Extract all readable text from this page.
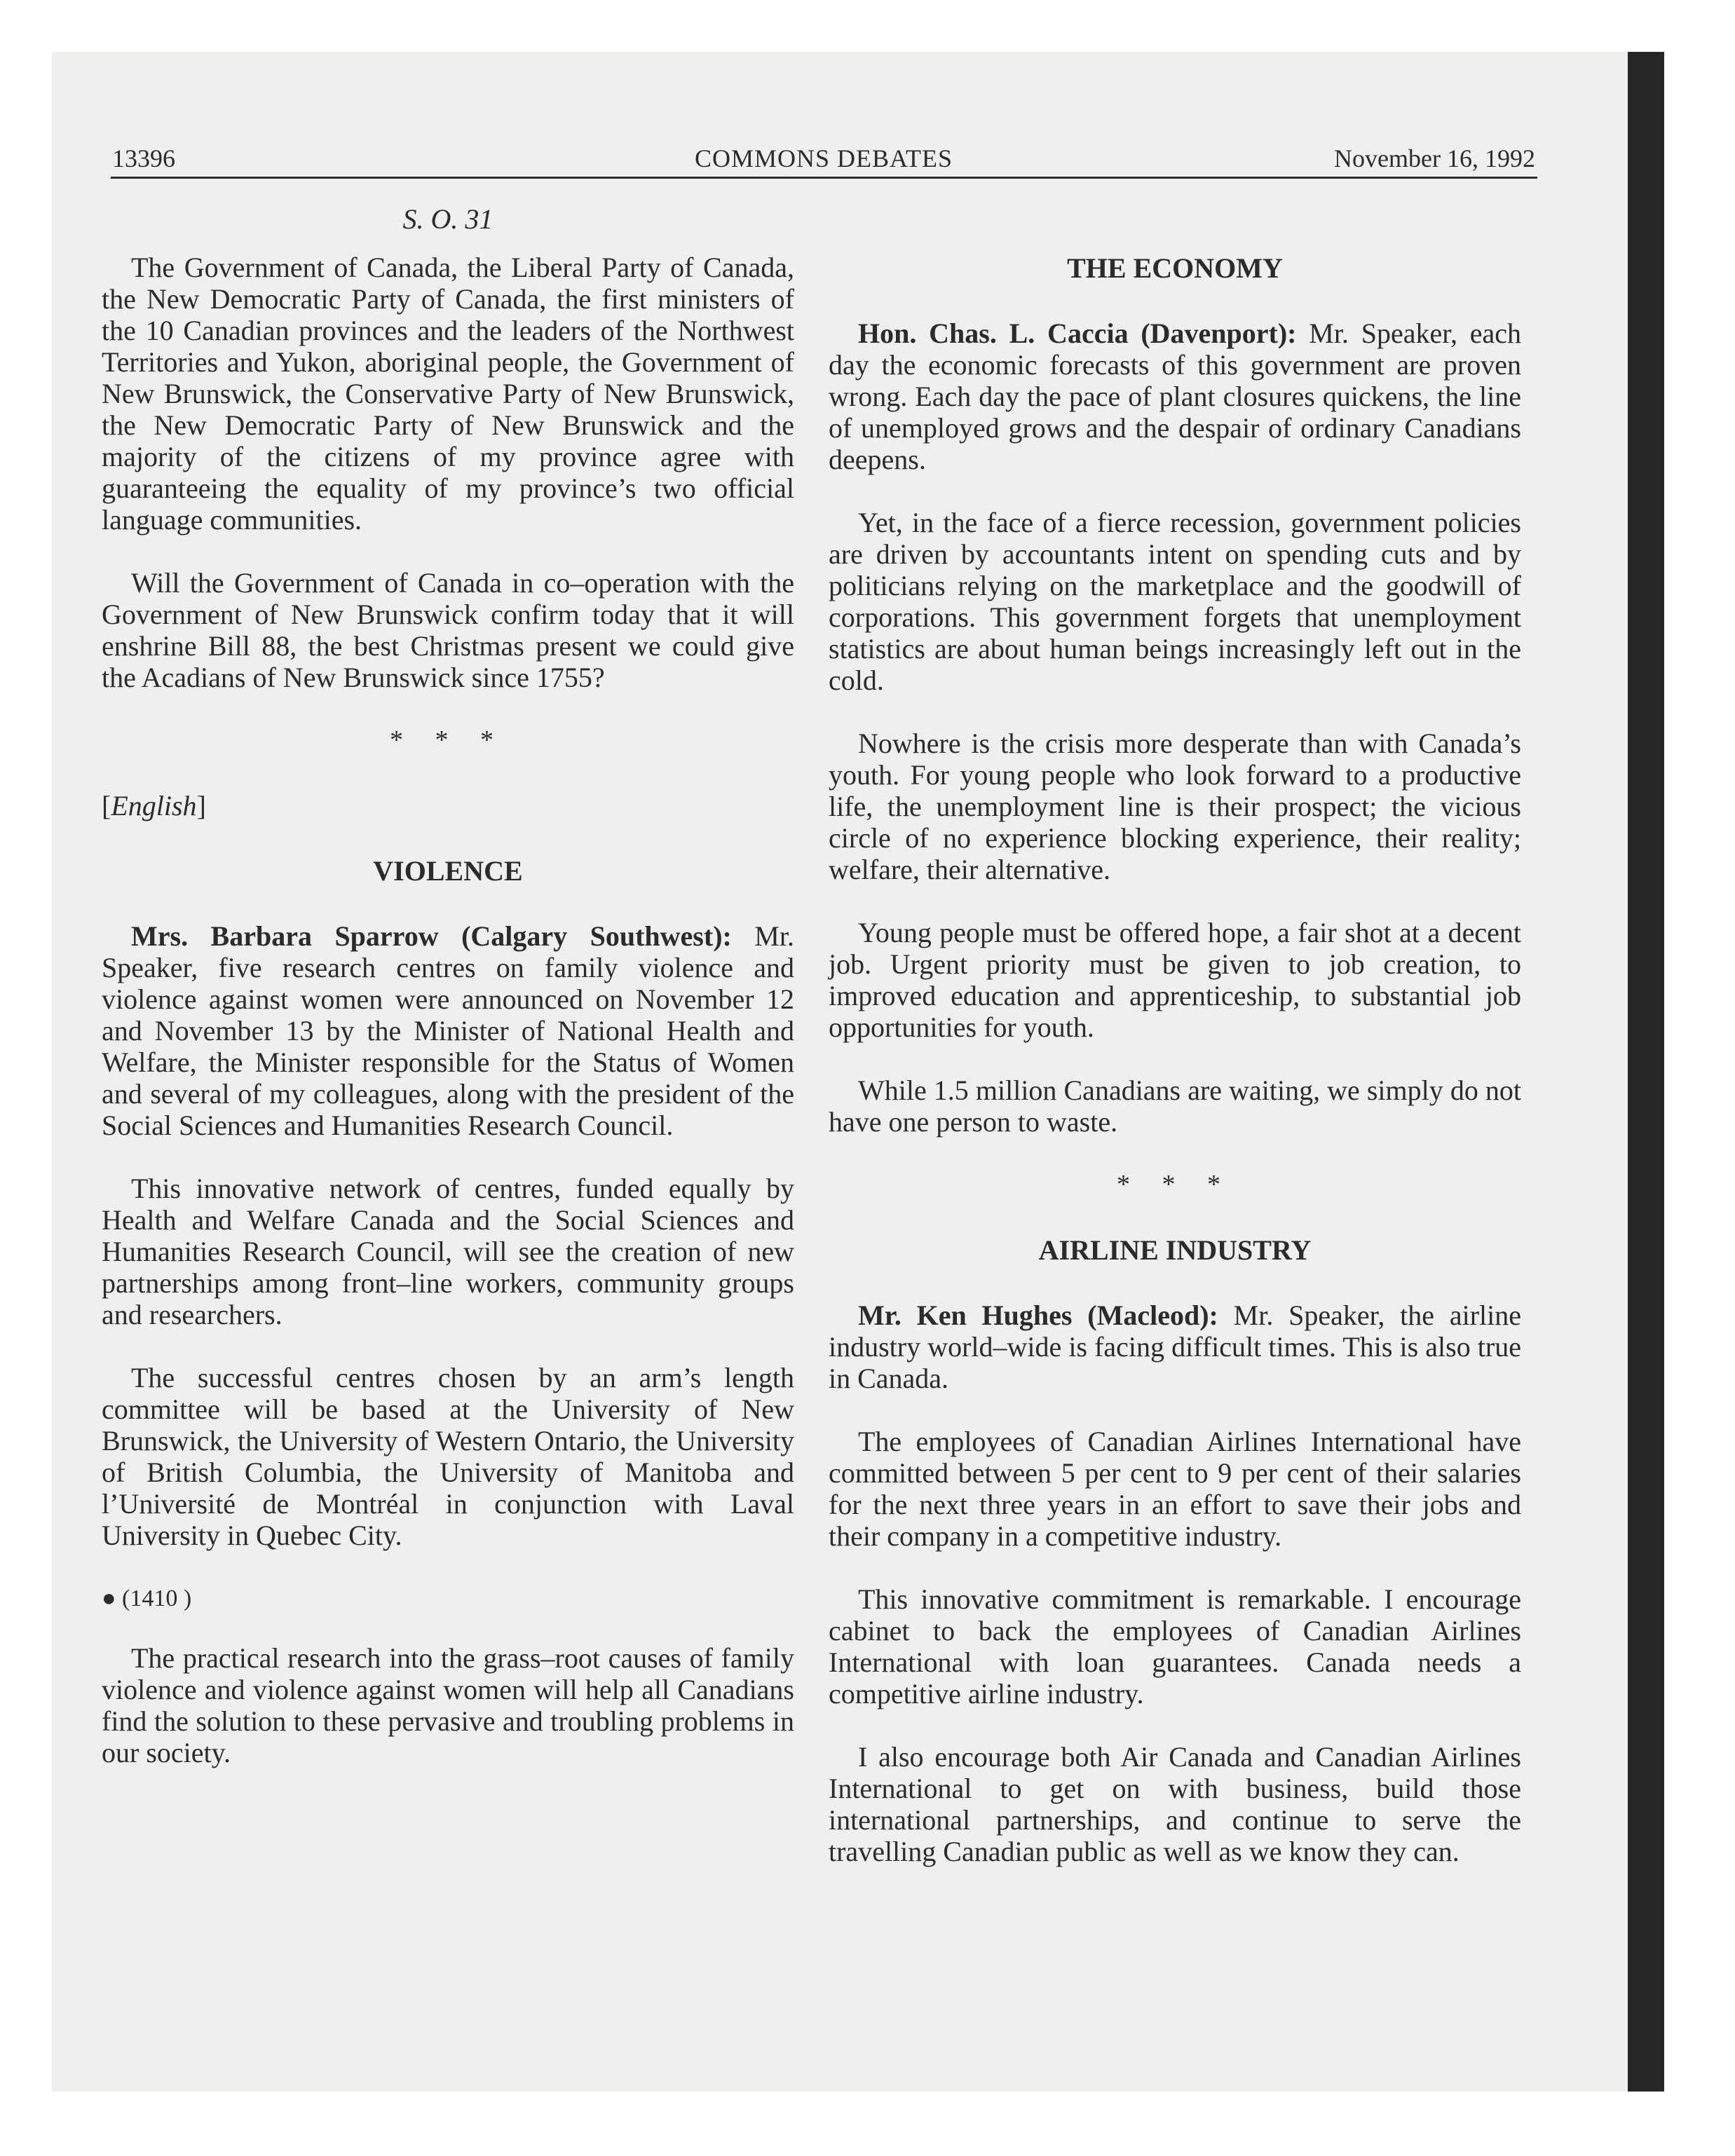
13396	COMMONS DEBATES	November 16, 1992
S. O. 31

The Government of Canada, the Liberal Party of Canada, the New Democratic Party of Canada, the first ministers of the 10 Canadian provinces and the leaders of the Northwest Territories and Yukon, aboriginal people, the Government of New Brunswick, the Conservative Party of New Brunswick, the New Democratic Party of New Brunswick and the majority of the citizens of my province agree with guaranteeing the equality of my province’s two official language communities.

Will the Government of Canada in co–operation with the Government of New Brunswick confirm today that it will enshrine Bill 88, the best Christmas present we could give the Acadians of New Brunswick since 1755?

* * *
[English]
VIOLENCE

Mrs. Barbara Sparrow (Calgary Southwest): Mr. Speaker, five research centres on family violence and violence against women were announced on November 12 and November 13 by the Minister of National Health and Welfare, the Minister responsible for the Status of Women and several of my colleagues, along with the president of the Social Sciences and Humanities Research Council.

This innovative network of centres, funded equally by Health and Welfare Canada and the Social Sciences and Humanities Research Council, will see the creation of new partnerships among front–line workers, community groups and researchers.

The successful centres chosen by an arm’s length committee will be based at the University of New Brunswick, the University of Western Ontario, the University of British Columbia, the University of Manitoba and l’Université de Montréal in conjunction with Laval University in Quebec City.

● (1410 )

The practical research into the grass–root causes of family violence and violence against women will help all Canadians find the solution to these pervasive and troubling problems in our society.

THE ECONOMY

Hon. Chas. L. Caccia (Davenport): Mr. Speaker, each day the economic forecasts of this government are proven wrong. Each day the pace of plant closures quickens, the line of unemployed grows and the despair of ordinary Canadians deepens.

Yet, in the face of a fierce recession, government policies are driven by accountants intent on spending cuts and by politicians relying on the marketplace and the goodwill of corporations. This government forgets that unemployment statistics are about human beings increasingly left out in the cold.

Nowhere is the crisis more desperate than with Canada’s youth. For young people who look forward to a productive life, the unemployment line is their prospect; the vicious circle of no experience blocking experience, their reality; welfare, their alternative.

Young people must be offered hope, a fair shot at a decent job. Urgent priority must be given to job creation, to improved education and apprenticeship, to substantial job opportunities for youth.

While 1.5 million Canadians are waiting, we simply do not have one person to waste.

* * *
AIRLINE INDUSTRY

Mr. Ken Hughes (Macleod): Mr. Speaker, the airline industry world–wide is facing difficult times. This is also true in Canada.

The employees of Canadian Airlines International have committed between 5 per cent to 9 per cent of their salaries for the next three years in an effort to save their jobs and their company in a competitive industry.

This innovative commitment is remarkable. I encourage cabinet to back the employees of Canadian Airlines International with loan guarantees. Canada needs a competitive airline industry.

I also encourage both Air Canada and Canadian Airlines International to get on with business, build those international partnerships, and continue to serve the travelling Canadian public as well as we know they can.
